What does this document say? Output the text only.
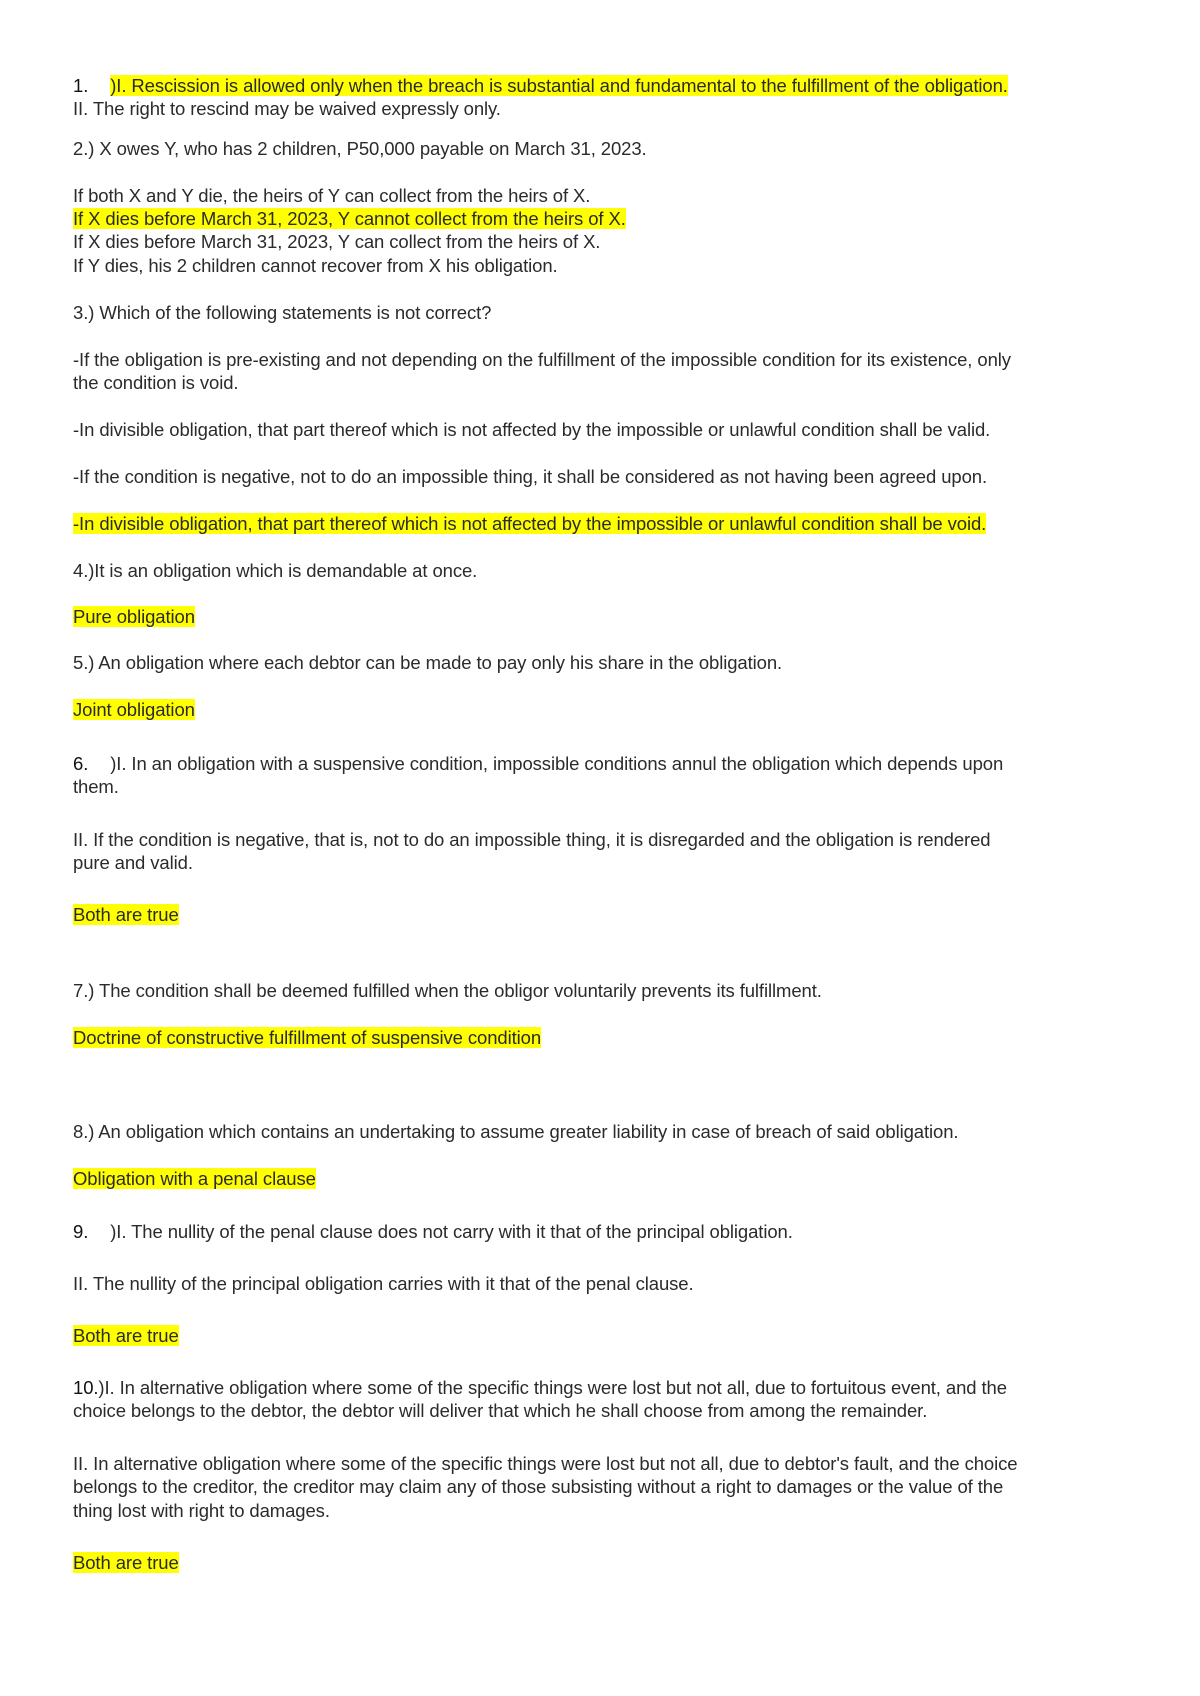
1. )I. Rescission is allowed only when the breach is substantial and fundamental to the fulfillment of the obligation.
II. The right to rescind may be waived expressly only.
2.) X owes Y, who has 2 children, P50,000 payable on March 31, 2023.
If both X and Y die, the heirs of Y can collect from the heirs of X.
If X dies before March 31, 2023, Y cannot collect from the heirs of X.
If X dies before March 31, 2023, Y can collect from the heirs of X.
If Y dies, his 2 children cannot recover from X his obligation.
3.) Which of the following statements is not correct?
-If the obligation is pre-existing and not depending on the fulfillment of the impossible condition for its existence, only
the condition is void.
-In divisible obligation, that part thereof which is not affected by the impossible or unlawful condition shall be valid.
-If the condition is negative, not to do an impossible thing, it shall be considered as not having been agreed upon.
-In divisible obligation, that part thereof which is not affected by the impossible or unlawful condition shall be void.
4.)It is an obligation which is demandable at once.
Pure obligation
5.) An obligation where each debtor can be made to pay only his share in the obligation.
Joint obligation
6. )I. In an obligation with a suspensive condition, impossible conditions annul the obligation which depends upon
them.
II. If the condition is negative, that is, not to do an impossible thing, it is disregarded and the obligation is rendered
pure and valid.
Both are true
7.) The condition shall be deemed fulfilled when the obligor voluntarily prevents its fulfillment.
Doctrine of constructive fulfillment of suspensive condition
8.) An obligation which contains an undertaking to assume greater liability in case of breach of said obligation.
Obligation with a penal clause
9. )I. The nullity of the penal clause does not carry with it that of the principal obligation.
II. The nullity of the principal obligation carries with it that of the penal clause.
Both are true
10.)I. In alternative obligation where some of the specific things were lost but not all, due to fortuitous event, and the
choice belongs to the debtor, the debtor will deliver that which he shall choose from among the remainder.
II. In alternative obligation where some of the specific things were lost but not all, due to debtor's fault, and the choice
belongs to the creditor, the creditor may claim any of those subsisting without a right to damages or the value of the
thing lost with right to damages.
Both are true
